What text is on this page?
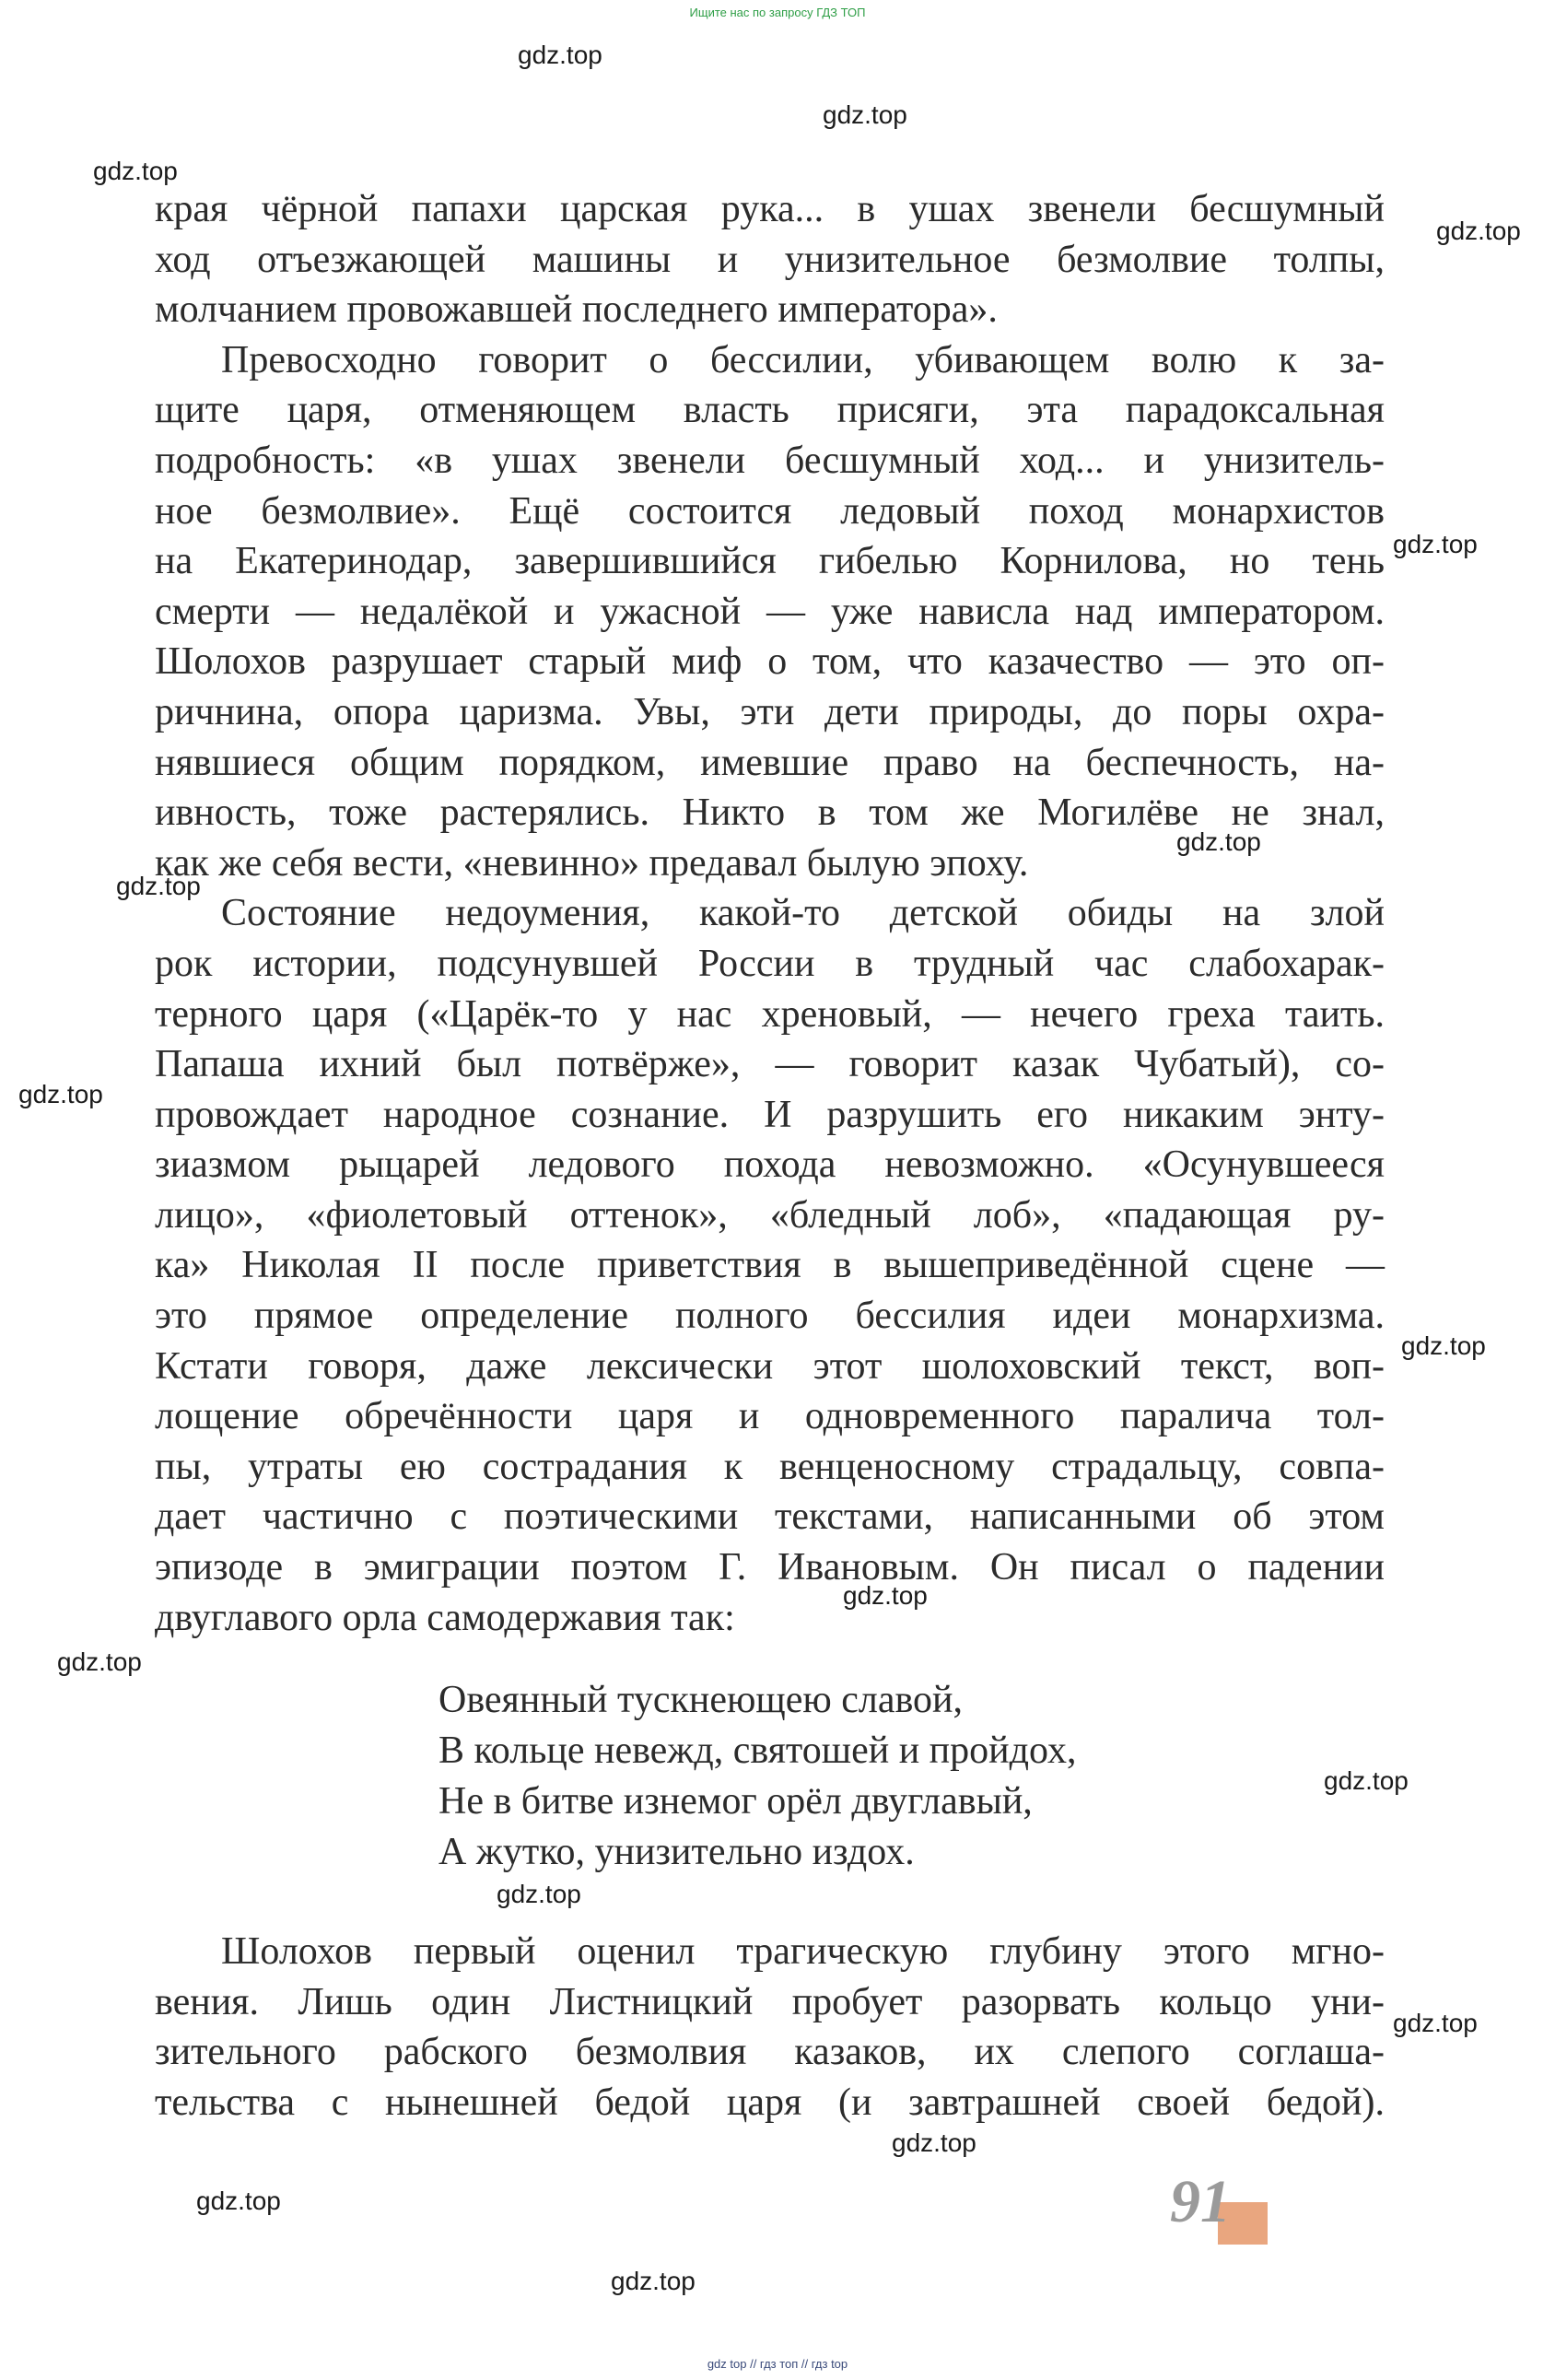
Ищите нас по запросу ГДЗ ТОП
gdz.top
gdz.top
gdz.top
gdz.top
gdz.top
gdz.top
gdz.top
gdz.top
gdz.top
gdz.top
gdz.top
gdz.top
gdz.top
gdz.top
gdz.top
gdz.top
gdz.top

края чёрной папахи царская рука... в ушах звенели бесшумный
ход отъезжающей машины и унизительное безмолвие толпы,
молчанием провожавшей последнего императора».

Превосходно говорит о бессилии, убивающем волю к за-
щите царя, отменяющем власть присяги, эта парадоксальная
подробность: «в ушах звенели бесшумный ход... и унизитель-
ное безмолвие». Ещё состоится ледовый поход монархистов
на Екатеринодар, завершившийся гибелью Корнилова, но тень
смерти — недалёкой и ужасной — уже нависла над императором.
Шолохов разрушает старый миф о том, что казачество — это оп-
ричнина, опора царизма. Увы, эти дети природы, до поры охра-
нявшиеся общим порядком, имевшие право на беспечность, на-
ивность, тоже растерялись. Никто в том же Могилёве не знал,
как же себя вести, «невинно» предавал былую эпоху.

Состояние недоумения, какой-то детской обиды на злой
рок истории, подсунувшей России в трудный час слабохарак-
терного царя («Царёк-то у нас хреновый, — нечего греха таить.
Папаша ихний был потвёрже», — говорит казак Чубатый), со-
провождает народное сознание. И разрушить его никаким энту-
зиазмом рыцарей ледового похода невозможно. «Осунувшееся
лицо», «фиолетовый оттенок», «бледный лоб», «падающая ру-
ка» Николая II после приветствия в вышеприведённой сцене —
это прямое определение полного бессилия идеи монархизма.
Кстати говоря, даже лексически этот шолоховский текст, воп-
лощение обречённости царя и одновременного паралича тол-
пы, утраты ею сострадания к венценосному страдальцу, совпа-
дает частично с поэтическими текстами, написанными об этом
эпизоде в эмиграции поэтом Г. Ивановым. Он писал о падении
двуглавого орла самодержавия так:

Овеянный тускнеющею славой,
В кольце невежд, святошей и пройдох,
Не в битве изнемог орёл двуглавый,
А жутко, унизительно издох.

Шолохов первый оценил трагическую глубину этого мгно-
вения. Лишь один Листницкий пробует разорвать кольцо уни-
зительного рабского безмолвия казаков, их слепого соглаша-
тельства с нынешней бедой царя (и завтрашней своей бедой).

91
gdz top // гдз топ // гдз top
